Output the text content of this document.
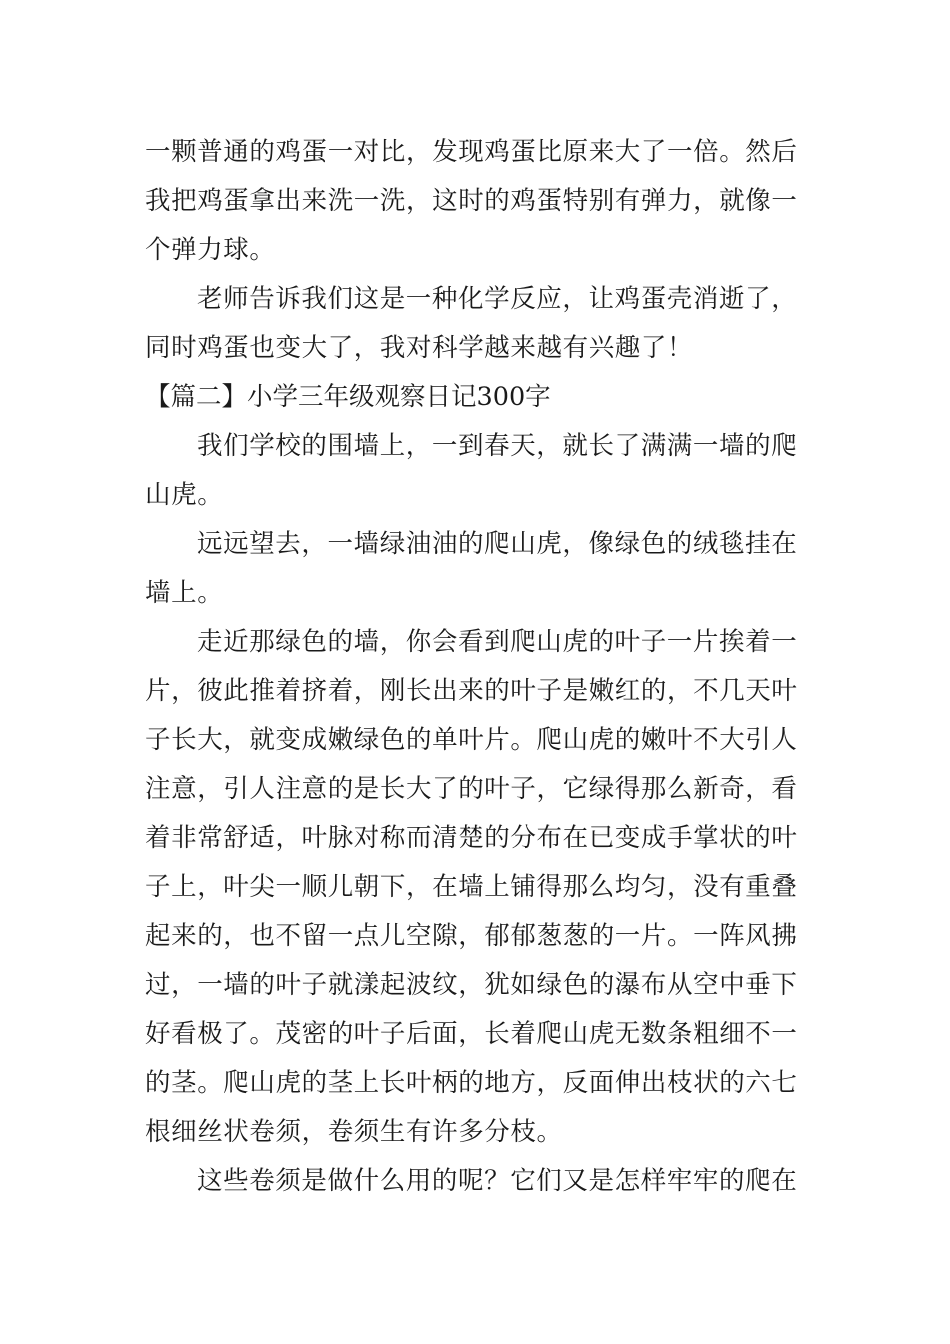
一颗普通的鸡蛋一对比，发现鸡蛋比原来大了一倍。然后
我把鸡蛋拿出来洗一洗，这时的鸡蛋特别有弹力，就像一
个弹力球。
老师告诉我们这是一种化学反应，让鸡蛋壳消逝了，
同时鸡蛋也变大了，我对科学越来越有兴趣了！
【篇二】小学三年级观察日记300字
我们学校的围墙上，一到春天，就长了满满一墙的爬
山虎。
远远望去，一墙绿油油的爬山虎，像绿色的绒毯挂在
墙上。
走近那绿色的墙，你会看到爬山虎的叶子一片挨着一
片，彼此推着挤着，刚长出来的叶子是嫩红的，不几天叶
子长大，就变成嫩绿色的单叶片。爬山虎的嫩叶不大引人
注意，引人注意的是长大了的叶子，它绿得那么新奇，看
着非常舒适，叶脉对称而清楚的分布在已变成手掌状的叶
子上，叶尖一顺儿朝下，在墙上铺得那么均匀，没有重叠
起来的，也不留一点儿空隙，郁郁葱葱的一片。一阵风拂
过，一墙的叶子就漾起波纹，犹如绿色的瀑布从空中垂下
好看极了。茂密的叶子后面，长着爬山虎无数条粗细不一
的茎。爬山虎的茎上长叶柄的地方，反面伸出枝状的六七
根细丝状卷须，卷须生有许多分枝。
这些卷须是做什么用的呢？它们又是怎样牢牢的爬在
